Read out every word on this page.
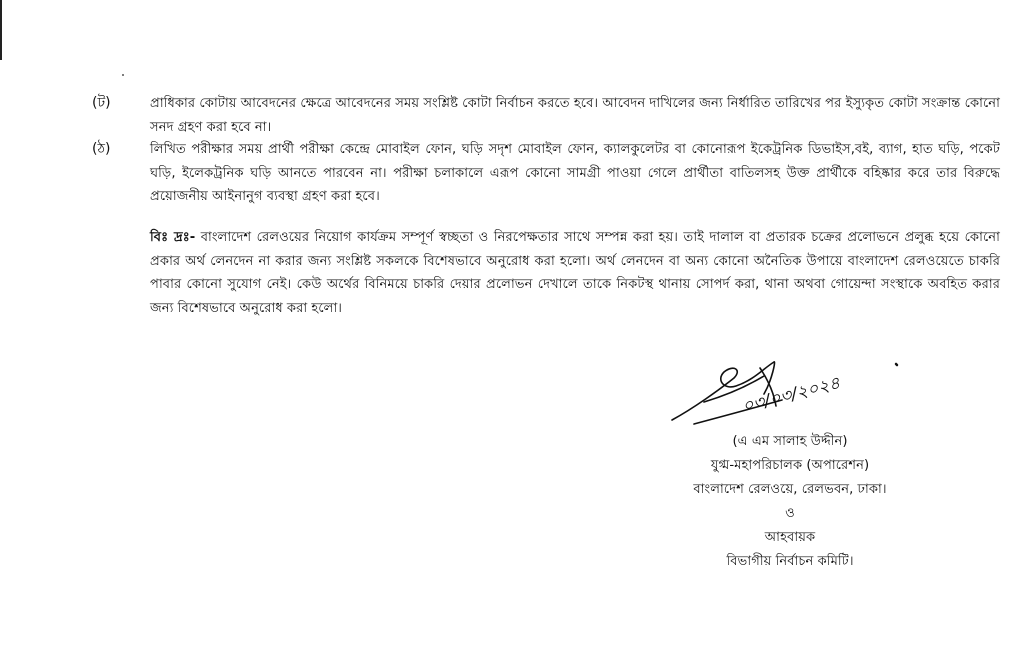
(ট)	প্রাধিকার কোটায় আবেদনের ক্ষেত্রে আবেদনের সময় সংশ্লিষ্ট কোটা নির্বাচন করতে হবে। আবেদন দাখিলের জন্য নির্ধারিত তারিখের পর ইস্যুকৃত কোটা সংক্রান্ত কোনো সনদ গ্রহণ করা হবে না।
(ঠ)	লিখিত পরীক্ষার সময় প্রার্থী পরীক্ষা কেন্দ্রে মোবাইল ফোন, ঘড়ি সদৃশ মোবাইল ফোন, ক্যালকুলেটর বা কোনোরূপ ইকেট্রনিক ডিভাইস,বই, ব্যাগ, হাত ঘড়ি, পকেট ঘড়ি, ইলেকট্রনিক ঘড়ি আনতে পারবেন না। পরীক্ষা চলাকালে এরূপ কোনো সামগ্রী পাওয়া গেলে প্রার্থীতা বাতিলসহ উক্ত প্রার্থীকে বহিষ্কার করে তার বিরুদ্ধে প্রয়োজনীয় আইনানুগ ব্যবস্থা গ্রহণ করা হবে।
বিঃ দ্রঃ- বাংলাদেশ রেলওয়ের নিয়োগ কার্যক্রম সম্পূর্ণ স্বচ্ছতা ও নিরপেক্ষতার সাথে সম্পন্ন করা হয়। তাই দালাল বা প্রতারক চক্রের প্রলোভনে প্রলুব্ধ হয়ে কোনো প্রকার অর্থ লেনদেন না করার জন্য সংশ্লিষ্ট সকলকে বিশেষভাবে অনুরোধ করা হলো। অর্থ লেনদেন বা অন্য কোনো অনৈতিক উপায়ে বাংলাদেশ রেলওয়েতে চাকরি পাবার কোনো সুযোগ নেই। কেউ অর্থের বিনিময়ে চাকরি দেয়ার প্রলোভন দেখালে তাকে নিকটস্থ থানায় সোপর্দ করা, থানা অথবা গোয়েন্দা সংস্থাকে অবহিত করার জন্য বিশেষভাবে অনুরোধ করা হলো।
০৩/০৩/২০২৪
(এ এম সালাহ উদ্দীন)
যুগ্ম-মহাপরিচালক (অপারেশন)
বাংলাদেশ রেলওয়ে, রেলভবন, ঢাকা।
ও
আহবায়ক
বিভাগীয় নির্বাচন কমিটি।
